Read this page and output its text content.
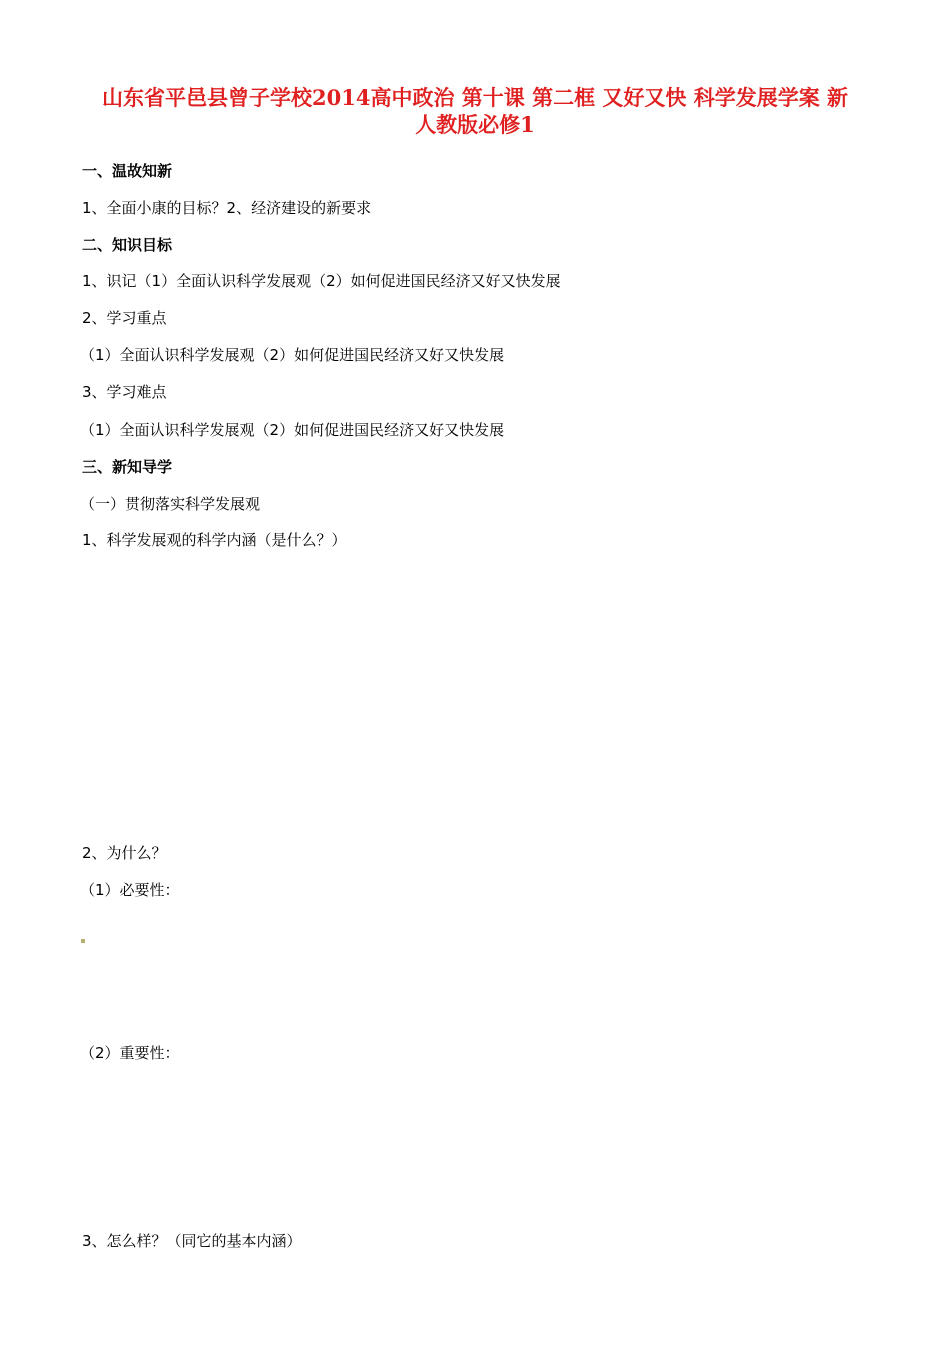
山东省平邑县曾子学校2014高中政治 第十课 第二框 又好又快 科学发展学案 新
人教版必修1
一、温故知新
1、全面小康的目标？2、经济建设的新要求
二、知识目标
1、识记（1）全面认识科学发展观（2）如何促进国民经济又好又快发展
2、学习重点
（1）全面认识科学发展观（2）如何促进国民经济又好又快发展
3、学习难点
（1）全面认识科学发展观（2）如何促进国民经济又好又快发展
三、新知导学
（一）贯彻落实科学发展观
1、科学发展观的科学内涵（是什么？）
2、为什么？
（1）必要性：
（2）重要性：
3、怎么样？（同它的基本内涵）
